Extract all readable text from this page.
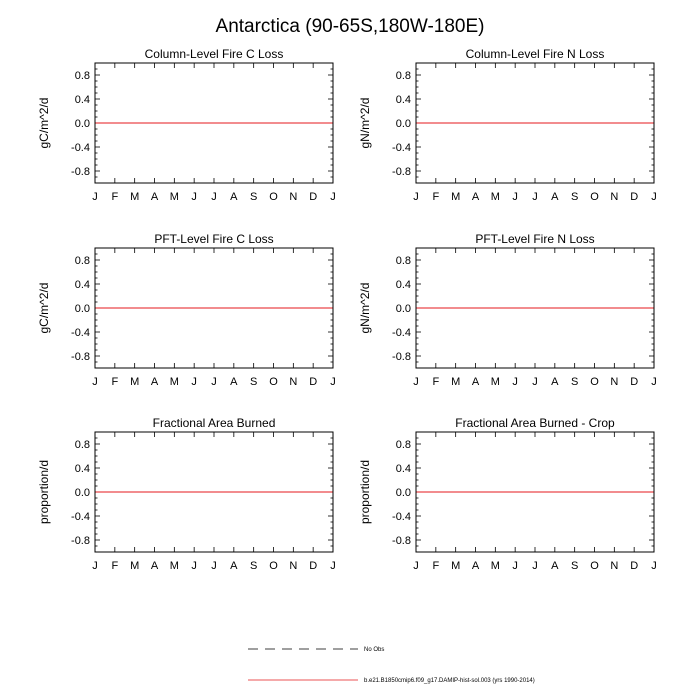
Antarctica (90-65S,180W-180E)
Column-Level Fire C Loss
gC/m^2/d
0.8
0.4
0.0
-0.4
-0.8
J F M A M J J A S O N D J
Column-Level Fire N Loss
gN/m^2/d
0.8
0.4
0.0
-0.4
-0.8
J F M A M J J A S O N D J
PFT-Level Fire C Loss
gC/m^2/d
0.8
0.4
0.0
-0.4
-0.8
J F M A M J J A S O N D J
PFT-Level Fire N Loss
gN/m^2/d
0.8
0.4
0.0
-0.4
-0.8
J F M A M J J A S O N D J
Fractional Area Burned
proportion/d
0.8
0.4
0.0
-0.4
-0.8
J F M A M J J A S O N D J
Fractional Area Burned - Crop
proportion/d
0.8
0.4
0.0
-0.4
-0.8
J F M A M J J A S O N D J
No Obs
b.e21.B1850cmip6.f09_g17.DAMIP-hist-sol.003 (yrs 1990-2014)
